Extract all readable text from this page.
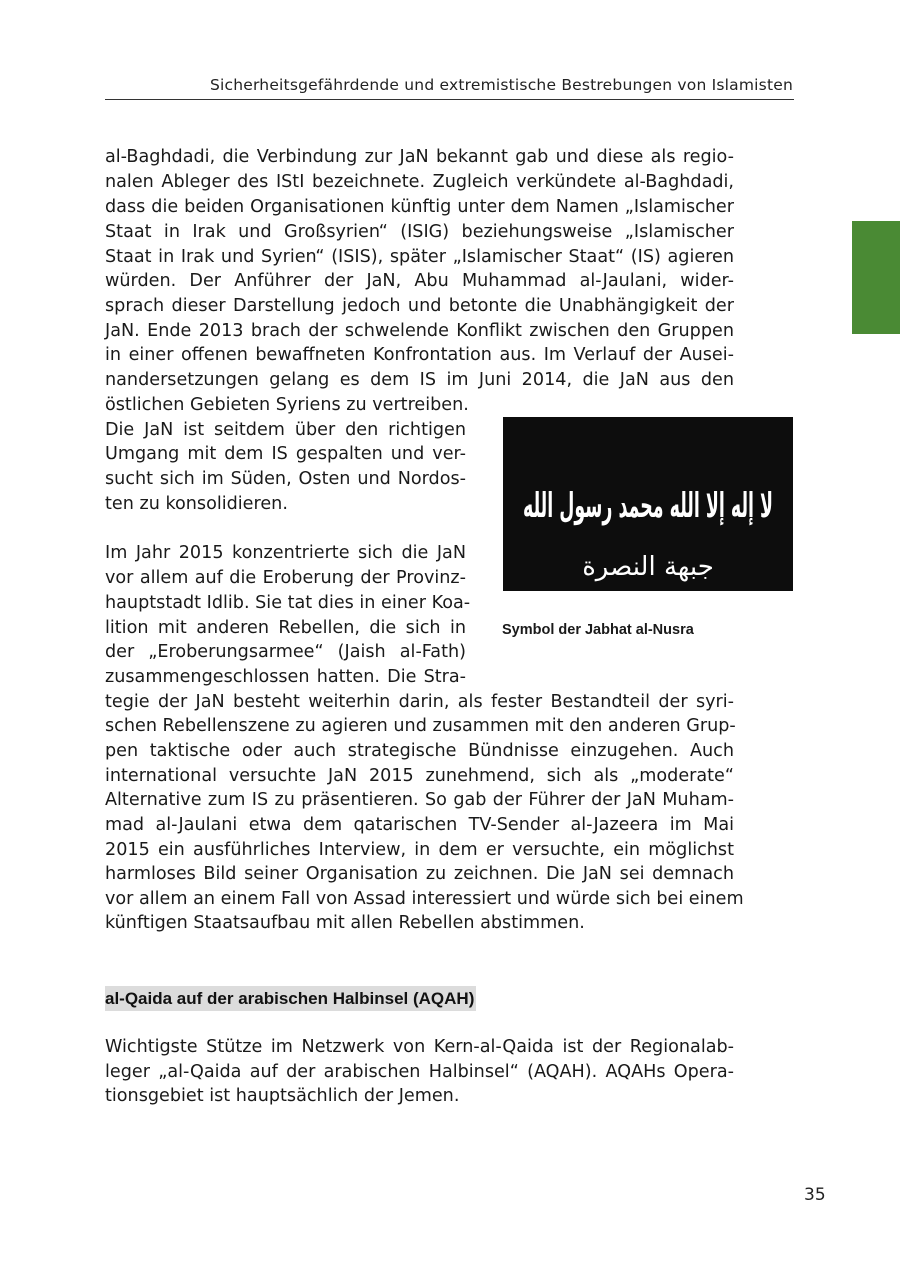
Sicherheitsgefährdende und extremistische Bestrebungen von Islamisten
al-Baghdadi, die Verbindung zur JaN bekannt gab und diese als regio-
nalen Ableger des IStI bezeichnete. Zugleich verkündete al-Baghdadi,
dass die beiden Organisationen künftig unter dem Namen „Islamischer
Staat in Irak und Großsyrien“ (ISIG) beziehungsweise „Islamischer
Staat in Irak und Syrien“ (ISIS), später „Islamischer Staat“ (IS) agieren
würden. Der Anführer der JaN, Abu Muhammad al-Jaulani, wider-
sprach dieser Darstellung jedoch und betonte die Unabhängigkeit der
JaN. Ende 2013 brach der schwelende Konflikt zwischen den Gruppen
in einer offenen bewaffneten Konfrontation aus. Im Verlauf der Ausei-
nandersetzungen gelang es dem IS im Juni 2014, die JaN aus den
östlichen Gebieten Syriens zu vertreiben.
Die JaN ist seitdem über den richtigen
Umgang mit dem IS gespalten und ver-
sucht sich im Süden, Osten und Nordos-
ten zu konsolidieren.
Im Jahr 2015 konzentrierte sich die JaN
vor allem auf die Eroberung der Provinz-
hauptstadt Idlib. Sie tat dies in einer Koa-
lition mit anderen Rebellen, die sich in
der „Eroberungsarmee“ (Jaish al-Fath)
zusammengeschlossen hatten. Die Stra-
tegie der JaN besteht weiterhin darin, als fester Bestandteil der syri-
schen Rebellenszene zu agieren und zusammen mit den anderen Grup-
pen taktische oder auch strategische Bündnisse einzugehen. Auch
international versuchte JaN 2015 zunehmend, sich als „moderate“
Alternative zum IS zu präsentieren. So gab der Führer der JaN Muham-
mad al-Jaulani etwa dem qatarischen TV-Sender al-Jazeera im Mai
2015 ein ausführliches Interview, in dem er versuchte, ein möglichst
harmloses Bild seiner Organisation zu zeichnen. Die JaN sei demnach
vor allem an einem Fall von Assad interessiert und würde sich bei einem
künftigen Staatsaufbau mit allen Rebellen abstimmen.
لا إله إلا الله محمد رسول الله
جبهة النصرة
Symbol der Jabhat al-Nusra
al-Qaida auf der arabischen Halbinsel (AQAH)
Wichtigste Stütze im Netzwerk von Kern-al-Qaida ist der Regionalab-
leger „al-Qaida auf der arabischen Halbinsel“ (AQAH). AQAHs Opera-
tionsgebiet ist hauptsächlich der Jemen.
35
